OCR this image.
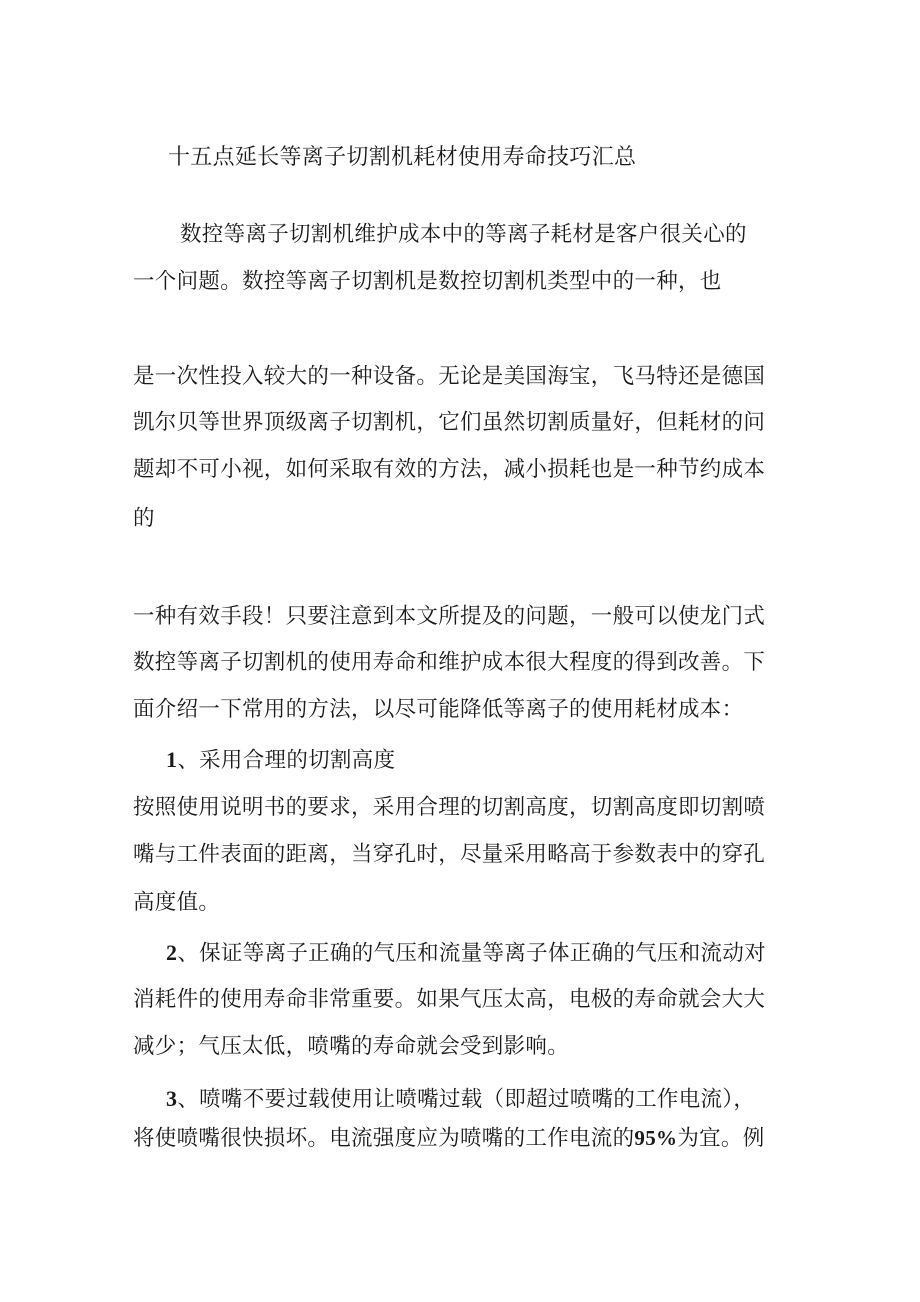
十五点延长等离子切割机耗材使用寿命技巧汇总
数控等离子切割机维护成本中的等离子耗材是客户很关心的
一个问题。数控等离子切割机是数控切割机类型中的一种，也
是一次性投入较大的一种设备。无论是美国海宝，飞马特还是德国
凯尔贝等世界顶级离子切割机，它们虽然切割质量好，但耗材的问
题却不可小视，如何采取有效的方法，减小损耗也是一种节约成本
的
一种有效手段！只要注意到本文所提及的问题，一般可以使龙门式
数控等离子切割机的使用寿命和维护成本很大程度的得到改善。下
面介绍一下常用的方法，以尽可能降低等离子的使用耗材成本：
1、采用合理的切割高度
按照使用说明书的要求，采用合理的切割高度，切割高度即切割喷
嘴与工件表面的距离，当穿孔时，尽量采用略高于参数表中的穿孔
高度值。
2、保证等离子正确的气压和流量等离子体正确的气压和流动对
消耗件的使用寿命非常重要。如果气压太高，电极的寿命就会大大
减少；气压太低，喷嘴的寿命就会受到影响。
3、喷嘴不要过载使用让喷嘴过载（即超过喷嘴的工作电流），
将使喷嘴很快损坏。电流强度应为喷嘴的工作电流的95%为宜。例
